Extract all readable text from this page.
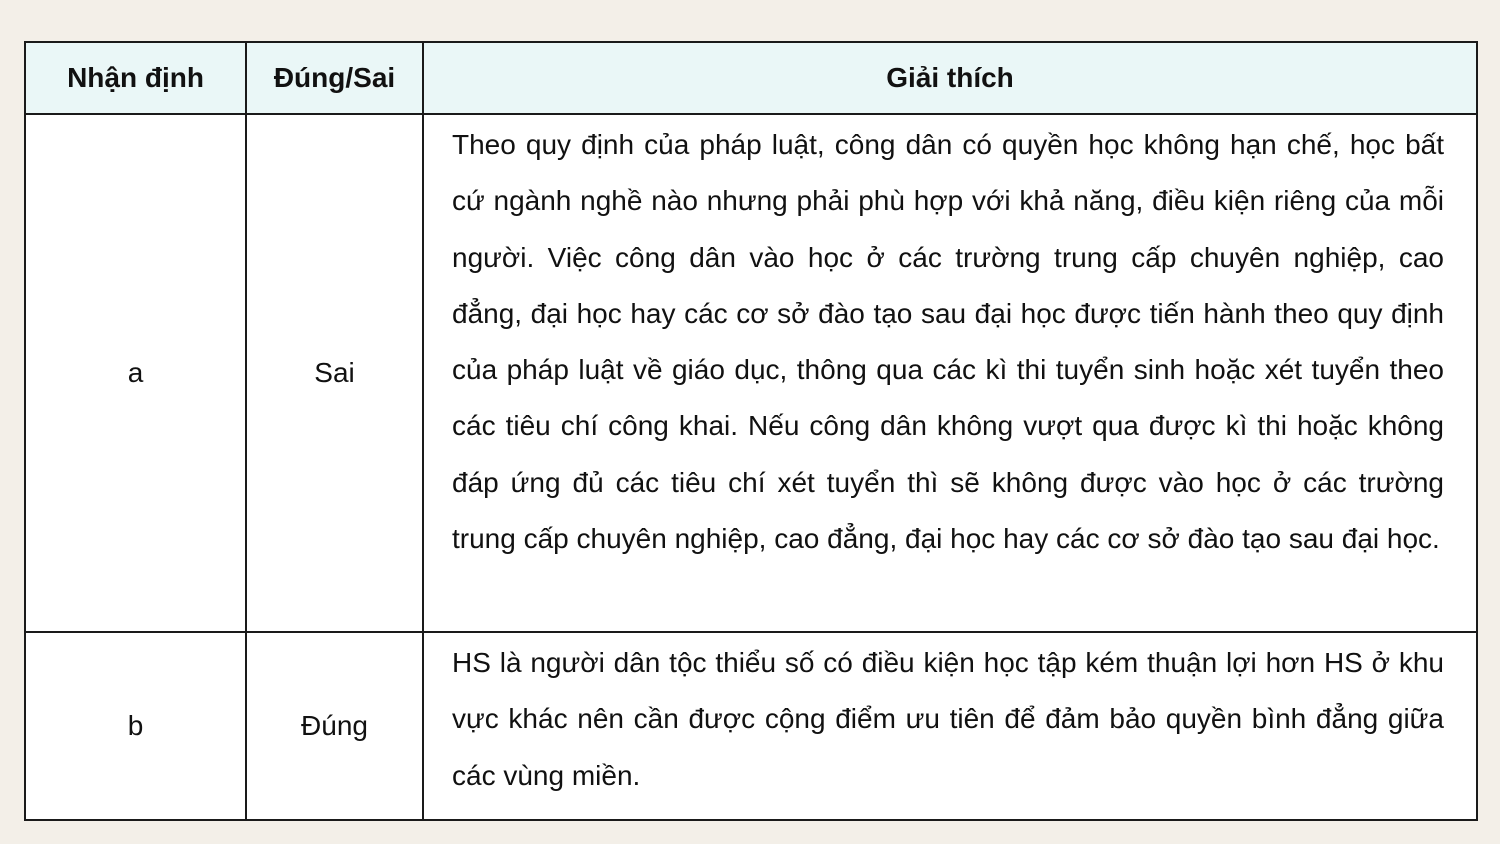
Nhận định	Đúng/Sai	Giải thích
a	Sai	Theo quy định của pháp luật, công dân có quyền học không hạn chế, học bất cứ ngành nghề nào nhưng phải phù hợp với khả năng, điều kiện riêng của mỗi người. Việc công dân vào học ở các trường trung cấp chuyên nghiệp, cao đẳng, đại học hay các cơ sở đào tạo sau đại học được tiến hành theo quy định của pháp luật về giáo dục, thông qua các kì thi tuyển sinh hoặc xét tuyển theo các tiêu chí công khai. Nếu công dân không vượt qua được kì thi hoặc không đáp ứng đủ các tiêu chí xét tuyển thì sẽ không được vào học ở các trường trung cấp chuyên nghiệp, cao đẳng, đại học hay các cơ sở đào tạo sau đại học.

b	Đúng	HS là người dân tộc thiểu số có điều kiện học tập kém thuận lợi hơn HS ở khu vực khác nên cần được cộng điểm ưu tiên để đảm bảo quyền bình đẳng giữa các vùng miền.
